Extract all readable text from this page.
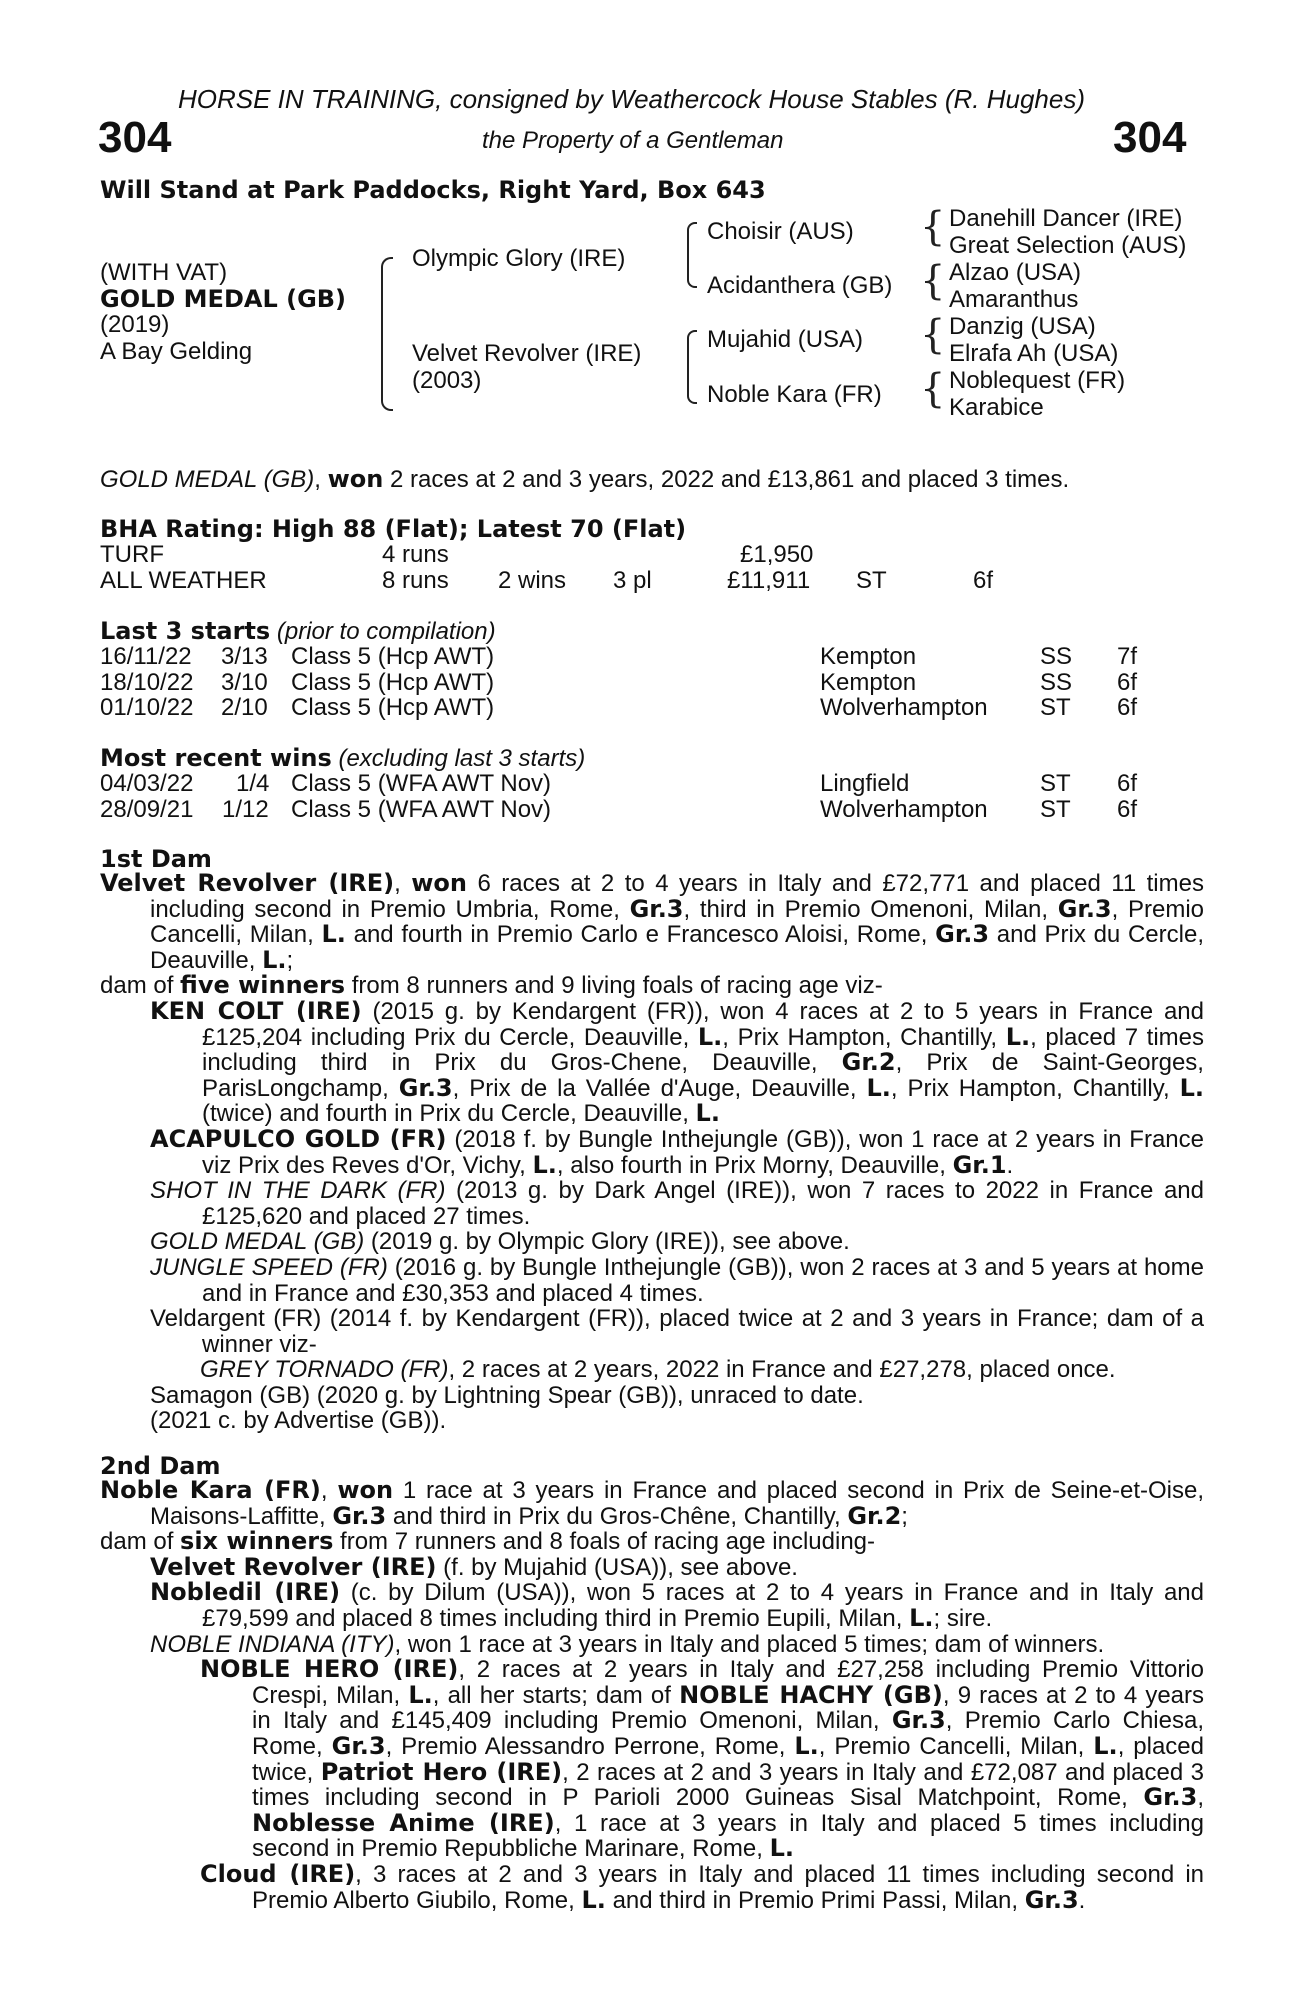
HORSE IN TRAINING, consigned by Weathercock House Stables (R. Hughes)
304	the Property of a Gentleman	304
Will Stand at Park Paddocks, Right Yard, Box 643
(WITH VAT)
GOLD MEDAL (GB)
(2019)
A Bay Gelding
Olympic Glory (IRE)
Velvet Revolver (IRE)
(2003)
Choisir (AUS)
Acidanthera (GB)
Mujahid (USA)
Noble Kara (FR)
{
{
{
{
Danehill Dancer (IRE)
Great Selection (AUS)
Alzao (USA)
Amaranthus
Danzig (USA)
Elrafa Ah (USA)
Noblequest (FR)
Karabice
GOLD MEDAL (GB), won 2 races at 2 and 3 years, 2022 and £13,861 and placed 3 times.
BHA Rating: High 88 (Flat); Latest 70 (Flat)
TURF	4 runs	£1,950
ALL WEATHER	8 runs 2 wins 3 pl	£11,911 ST	6f
Last 3 starts (prior to compilation)
16/11/22 3/13 Class 5 (Hcp AWT)	Kempton	SS 7f
18/10/22 3/10 Class 5 (Hcp AWT)	Kempton	SS 6f
01/10/22 2/10 Class 5 (Hcp AWT)	Wolverhampton ST 6f
Most recent wins (excluding last 3 starts)
04/03/22 1/4 Class 5 (WFA AWT Nov)	Lingfield	ST 6f
28/09/21 1/12 Class 5 (WFA AWT Nov)	Wolverhampton ST 6f
1st Dam

Velvet Revolver (IRE), won 6 races at 2 to 4 years in Italy and £72,771 and placed 11 times including second in Premio Umbria, Rome, Gr.3, third in Premio Omenoni, Milan, Gr.3, Premio Cancelli, Milan, L. and fourth in Premio Carlo e Francesco Aloisi, Rome, Gr.3 and Prix du Cercle, Deauville, L.;

dam of five winners from 8 runners and 9 living foals of racing age viz-

KEN COLT (IRE) (2015 g. by Kendargent (FR)), won 4 races at 2 to 5 years in France and £125,204 including Prix du Cercle, Deauville, L., Prix Hampton, Chantilly, L., placed 7 times including third in Prix du Gros-Chene, Deauville, Gr.2, Prix de Saint-Georges, ParisLongchamp, Gr.3, Prix de la Vallée d'Auge, Deauville, L., Prix Hampton, Chantilly, L. (twice) and fourth in Prix du Cercle, Deauville, L.

ACAPULCO GOLD (FR) (2018 f. by Bungle Inthejungle (GB)), won 1 race at 2 years in France viz Prix des Reves d'Or, Vichy, L., also fourth in Prix Morny, Deauville, Gr.1.

SHOT IN THE DARK (FR) (2013 g. by Dark Angel (IRE)), won 7 races to 2022 in France and £125,620 and placed 27 times.

GOLD MEDAL (GB) (2019 g. by Olympic Glory (IRE)), see above.

JUNGLE SPEED (FR) (2016 g. by Bungle Inthejungle (GB)), won 2 races at 3 and 5 years at home and in France and £30,353 and placed 4 times.

Veldargent (FR) (2014 f. by Kendargent (FR)), placed twice at 2 and 3 years in France; dam of a winner viz-

GREY TORNADO (FR), 2 races at 2 years, 2022 in France and £27,278, placed once.

Samagon (GB) (2020 g. by Lightning Spear (GB)), unraced to date.

(2021 c. by Advertise (GB)).

2nd Dam

Noble Kara (FR), won 1 race at 3 years in France and placed second in Prix de Seine-et-Oise, Maisons-Laffitte, Gr.3 and third in Prix du Gros-Chêne, Chantilly, Gr.2;

dam of six winners from 7 runners and 8 foals of racing age including-

Velvet Revolver (IRE) (f. by Mujahid (USA)), see above.

Nobledil (IRE) (c. by Dilum (USA)), won 5 races at 2 to 4 years in France and in Italy and £79,599 and placed 8 times including third in Premio Eupili, Milan, L.; sire.

NOBLE INDIANA (ITY), won 1 race at 3 years in Italy and placed 5 times; dam of winners.

NOBLE HERO (IRE), 2 races at 2 years in Italy and £27,258 including Premio Vittorio Crespi, Milan, L., all her starts; dam of NOBLE HACHY (GB), 9 races at 2 to 4 years in Italy and £145,409 including Premio Omenoni, Milan, Gr.3, Premio Carlo Chiesa, Rome, Gr.3, Premio Alessandro Perrone, Rome, L., Premio Cancelli, Milan, L., placed twice, Patriot Hero (IRE), 2 races at 2 and 3 years in Italy and £72,087 and placed 3 times including second in P Parioli 2000 Guineas Sisal Matchpoint, Rome, Gr.3, Noblesse Anime (IRE), 1 race at 3 years in Italy and placed 5 times including second in Premio Repubbliche Marinare, Rome, L.

Cloud (IRE), 3 races at 2 and 3 years in Italy and placed 11 times including second in Premio Alberto Giubilo, Rome, L. and third in Premio Primi Passi, Milan, Gr.3.
